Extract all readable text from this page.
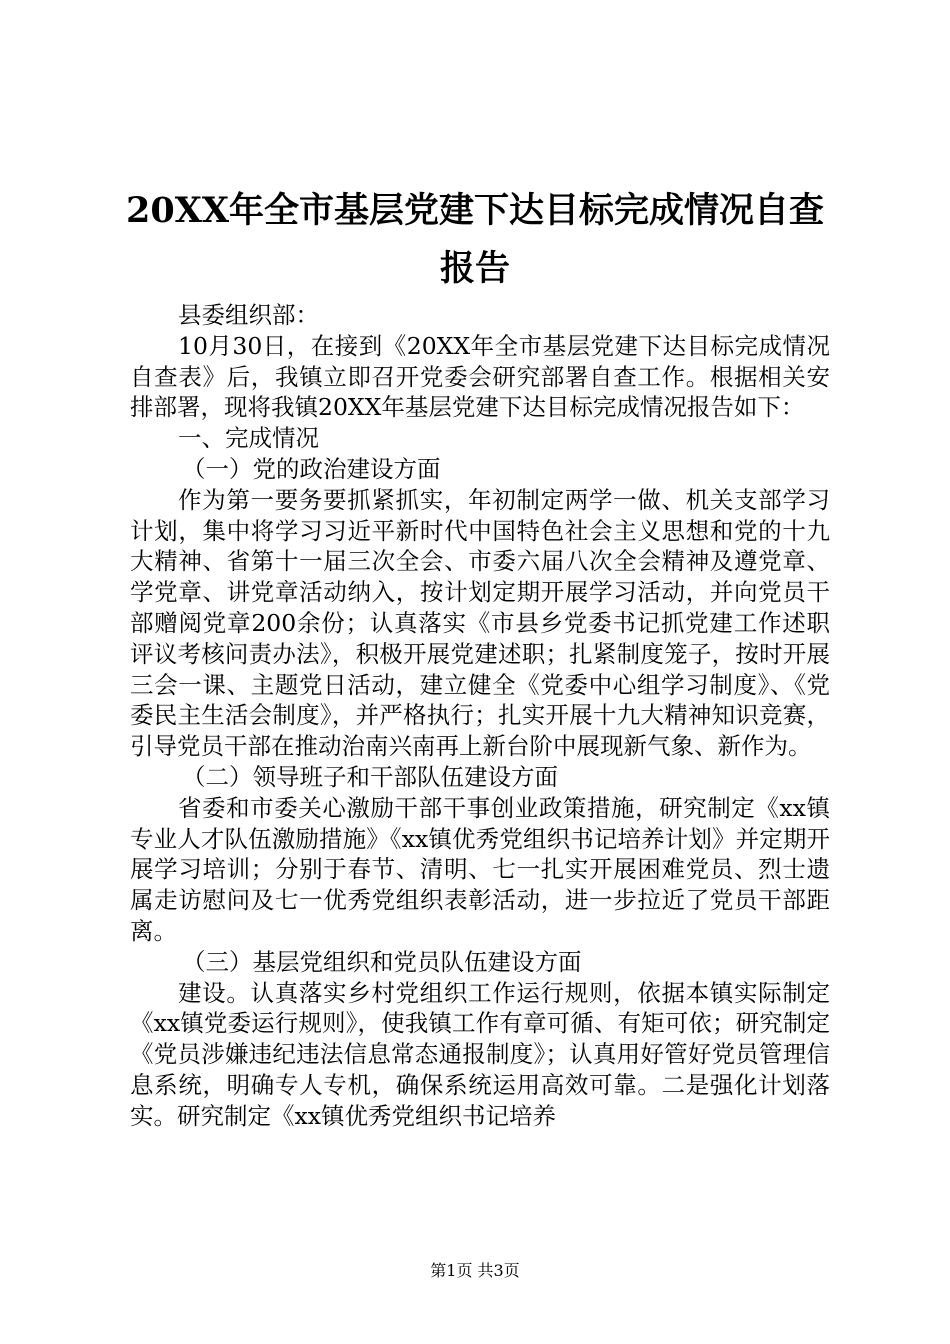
20XX年全市基层党建下达目标完成情况自查
报告

县委组织部：

10月30日，在接到《20XX年全市基层党建下达目标完成情况自查表》后，我镇立即召开党委会研究部署自查工作。根据相关安排部署，现将我镇20XX年基层党建下达目标完成情况报告如下：

一、完成情况

（一）党的政治建设方面

作为第一要务要抓紧抓实，年初制定两学一做、机关支部学习计划，集中将学习习近平新时代中国特色社会主义思想和党的十九大精神、省第十一届三次全会、市委六届八次全会精神及遵党章、学党章、讲党章活动纳入，按计划定期开展学习活动，并向党员干部赠阅党章200余份；认真落实《市县乡党委书记抓党建工作述职评议考核问责办法》，积极开展党建述职；扎紧制度笼子，按时开展三会一课、主题党日活动，建立健全《党委中心组学习制度》、《党委民主生活会制度》，并严格执行；扎实开展十九大精神知识竞赛，引导党员干部在推动治南兴南再上新台阶中展现新气象、新作为。

（二）领导班子和干部队伍建设方面

省委和市委关心激励干部干事创业政策措施，研究制定《xx镇专业人才队伍激励措施》《xx镇优秀党组织书记培养计划》并定期开展学习培训；分别于春节、清明、七一扎实开展困难党员、烈士遗属走访慰问及七一优秀党组织表彰活动，进一步拉近了党员干部距离。

（三）基层党组织和党员队伍建设方面

建设。认真落实乡村党组织工作运行规则，依据本镇实际制定《xx镇党委运行规则》，使我镇工作有章可循、有矩可依；研究制定《党员涉嫌违纪违法信息常态通报制度》；认真用好管好党员管理信息系统，明确专人专机，确保系统运用高效可靠。二是强化计划落实。研究制定《xx镇优秀党组织书记培养

第1页 共3页
